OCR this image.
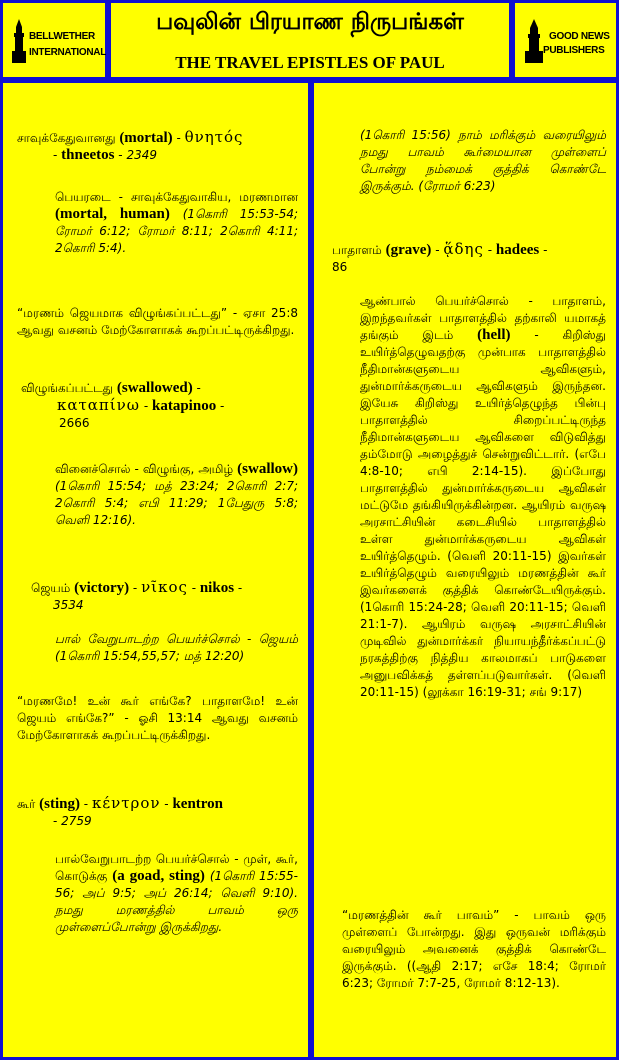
BELLWETHER
INTERNATIONAL
பவுலின் பிரயாண நிருபங்கள்
THE TRAVEL EPISTLES OF PAUL
GOOD NEWS
PUBLISHERS

சாவுக்கேதுவானது (mortal) - θνητός
- thneetos - 2349

பெயரடை - சாவுக்கேதுவாகிய, மரணமான (mortal, human) (1கொரி 15:53-54; ரோமர் 6:12; ரோமர் 8:11; 2கொரி 4:11; 2கொரி 5:4).

“மரணம் ஜெயமாக விழுங்கப்பட்டது” - ஏசா 25:8 ஆவது வசனம் மேற்கோளாகக் கூறப்பட்டிருக்கிறது.

விழுங்கப்பட்டது (swallowed) -
καταπίνω - katapinoo -
2666

வினைச்சொல் - விழுங்கு, அமிழ் (swallow) (1கொரி 15:54; மத் 23:24; 2கொரி 2:7; 2கொரி 5:4; எபி 11:29; 1பேதுரு 5:8; வெளி 12:16).

ஜெயம் (victory) - νῖκος - nikos -
3534

பால் வேறுபாடற்ற பெயர்ச்சொல் - ஜெயம் (1கொரி 15:54,55,57; மத் 12:20)

“மரணமே! உன் கூர் எங்கே? பாதாளமே! உன் ஜெயம் எங்கே?” - ஓசி 13:14 ஆவது வசனம் மேற்கோளாகக் கூறப்பட்டிருக்கிறது.

கூர் (sting) - κέντρον - kentron
- 2759

பால்வேறுபாடற்ற பெயர்ச்சொல் - முள், கூர், கொடுக்கு (a goad, sting) (1கொரி 15:55-56; அப் 9:5; அப் 26:14; வெளி 9:10). நமது மரணத்தில் பாவம் ஒரு முள்ளைப்போன்று இருக்கிறது.

(1கொரி 15:56) நாம் மரிக்கும் வரையிலும் நமது பாவம் கூர்மையான முள்ளைப் போன்று நம்மைக் குத்திக் கொண்டே இருக்கும். (ரோமர் 6:23)

பாதாளம் (grave) - ᾅδης - hadees -
86

ஆண்பால் பெயர்ச்சொல் - பாதாளம், இறந்தவர்கள் பாதாளத்தில் தற்காலி யமாகத் தங்கும் இடம் (hell) - கிறிஸ்து உயிர்த்தெழுவதற்கு முன்பாக பாதாளத்தில் நீதிமான்களுடைய ஆவிகளும், துன்மார்க்கருடைய ஆவிகளும் இருந்தன. இயேசு கிறிஸ்து உயிர்த்தெழுந்த பின்பு பாதாளத்தில் சிறைப்பட்டிருந்த நீதிமான்களுடைய ஆவிகளை விடுவித்து தம்மோடு அழைத்துச் சென்றுவிட்டார். (எபே 4:8-10; எபி 2:14-15). இப்போது பாதாளத்தில் துன்மார்க்கருடைய ஆவிகள் மட்டுமே தங்கியிருக்கின்றன. ஆயிரம் வருஷ அரசாட்சியின் கடைசியில் பாதாளத்தில் உள்ள துன்மார்க்கருடைய ஆவிகள் உயிர்த்தெழும். (வெளி 20:11-15) இவர்கள் உயிர்த்தெழும் வரையிலும் மரணத்தின் கூர் இவர்களைக் குத்திக் கொண்டேயிருக்கும். (1கொரி 15:24-28; வெளி 20:11-15; வெளி 21:1-7). ஆயிரம் வருஷ அரசாட்சியின் முடிவில் துன்மார்க்கர் நியாயந்தீர்க்கப்பட்டு நரகத்திற்கு நித்திய காலமாகப் பாடுகளை அனுபவிக்கத் தள்ளப்படுவார்கள். (வெளி 20:11-15) (லூக்கா 16:19-31; சங் 9:17)

“மரணத்தின் கூர் பாவம்” - பாவம் ஒரு முள்ளைப் போன்றது. இது ஒருவன் மரிக்கும் வரையிலும் அவனைக் குத்திக் கொண்டே இருக்கும். ((ஆதி 2:17; எசே 18:4; ரோமர் 6:23; ரோமர் 7:7-25, ரோமர் 8:12-13).
